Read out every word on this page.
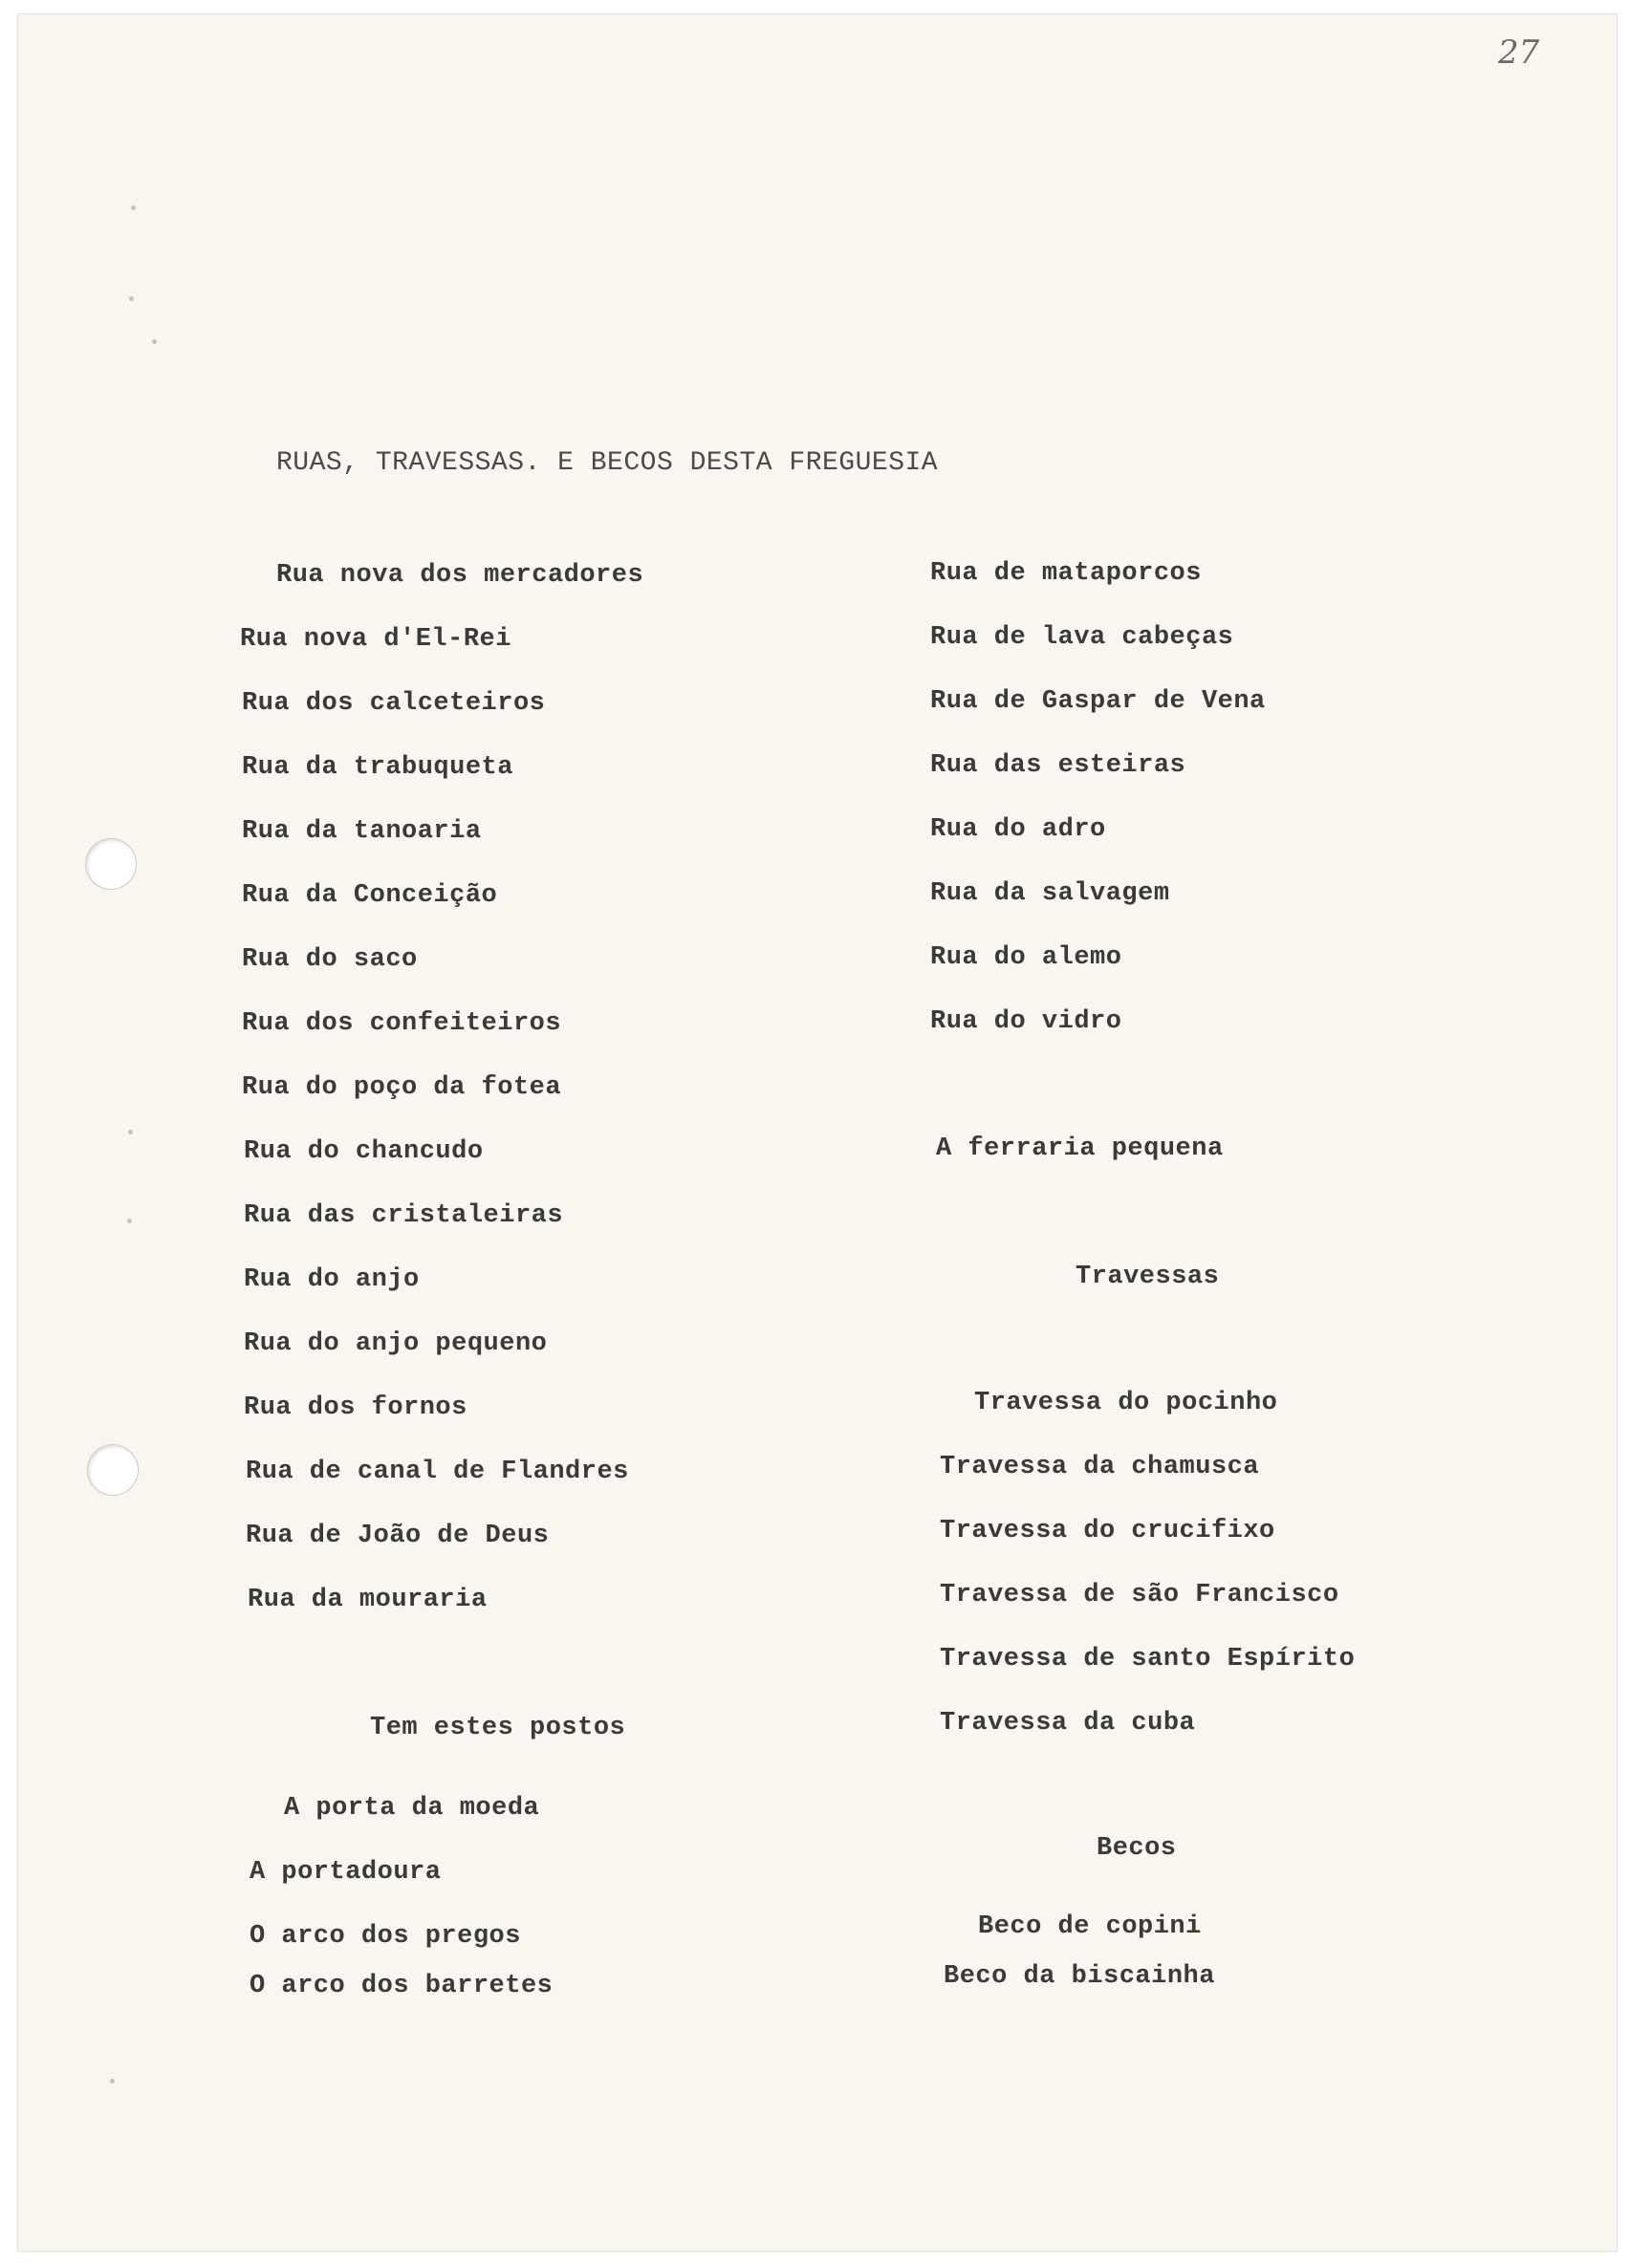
27
RUAS, TRAVESSAS. E BECOS DESTA FREGUESIA
Rua nova dos mercadores
Rua nova d'El-Rei
Rua dos calceteiros
Rua da trabuqueta
Rua da tanoaria
Rua da Conceição
Rua do saco
Rua dos confeiteiros
Rua do poço da fotea
Rua do chancudo
Rua das cristaleiras
Rua do anjo
Rua do anjo pequeno
Rua dos fornos
Rua de canal de Flandres
Rua de João de Deus
Rua da mouraria
Tem estes postos
A porta da moeda
A portadoura
O arco dos pregos
O arco dos barretes
Rua de mataporcos
Rua de lava cabeças
Rua de Gaspar de Vena
Rua das esteiras
Rua do adro
Rua da salvagem
Rua do alemo
Rua do vidro
A ferraria pequena
Travessas
Travessa do pocinho
Travessa da chamusca
Travessa do crucifixo
Travessa de são Francisco
Travessa de santo Espírito
Travessa da cuba
Becos
Beco de copini
Beco da biscainha
